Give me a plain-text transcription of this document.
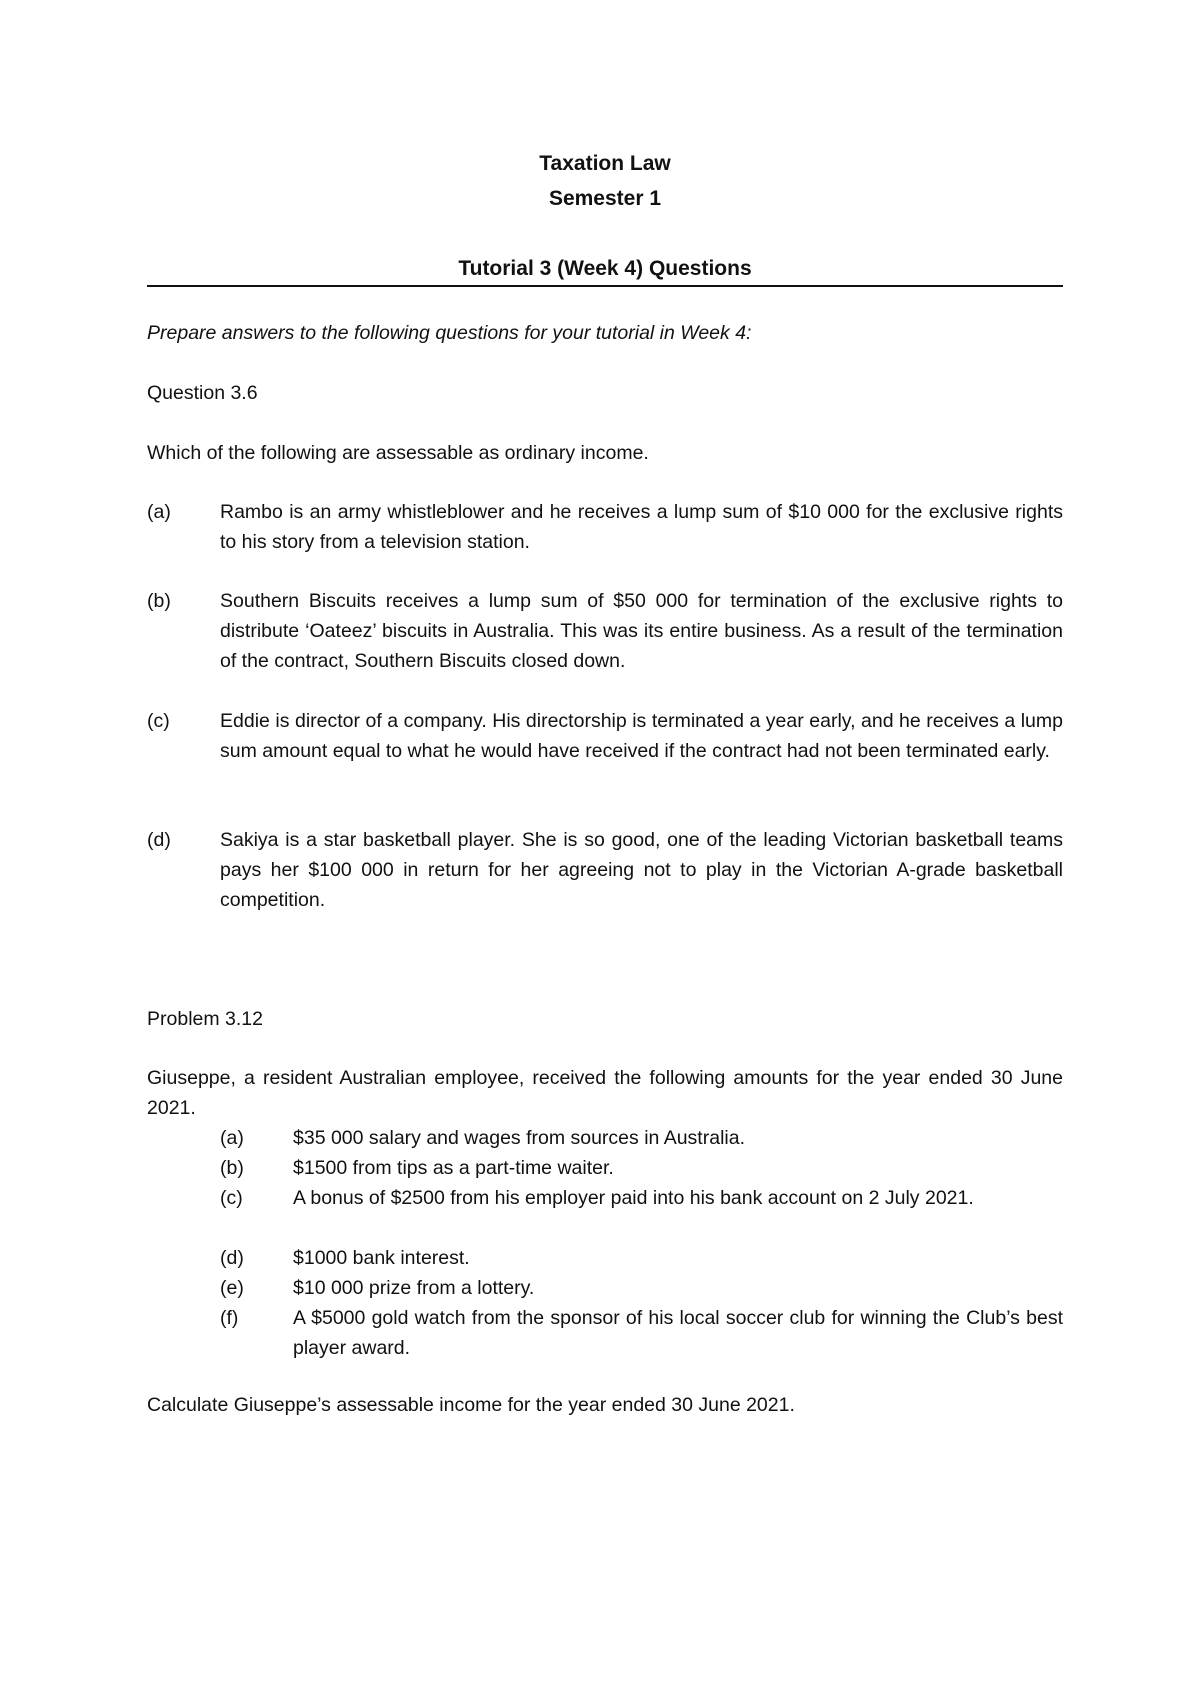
Taxation Law
Semester 1
Tutorial 3 (Week 4) Questions
Prepare answers to the following questions for your tutorial in Week 4:
Question 3.6
Which of the following are assessable as ordinary income.
(a)	Rambo is an army whistleblower and he receives a lump sum of $10 000 for the exclusive rights to his story from a television station.
(b)	Southern Biscuits receives a lump sum of $50 000 for termination of the exclusive rights to distribute ‘Oateez’ biscuits in Australia. This was its entire business. As a result of the termination of the contract, Southern Biscuits closed down.
(c)	Eddie is director of a company. His directorship is terminated a year early, and he receives a lump sum amount equal to what he would have received if the contract had not been terminated early.
(d)	Sakiya is a star basketball player. She is so good, one of the leading Victorian basketball teams pays her $100 000 in return for her agreeing not to play in the Victorian A-grade basketball competition.
Problem 3.12
Giuseppe, a resident Australian employee, received the following amounts for the year ended 30 June 2021.
(a)	$35 000 salary and wages from sources in Australia.
(b)	$1500 from tips as a part-time waiter.
(c)	A bonus of $2500 from his employer paid into his bank account on 2 July 2021.
(d)	$1000 bank interest.
(e)	$10 000 prize from a lottery.
(f)	A $5000 gold watch from the sponsor of his local soccer club for winning the Club’s best player award.
Calculate Giuseppe’s assessable income for the year ended 30 June 2021.
